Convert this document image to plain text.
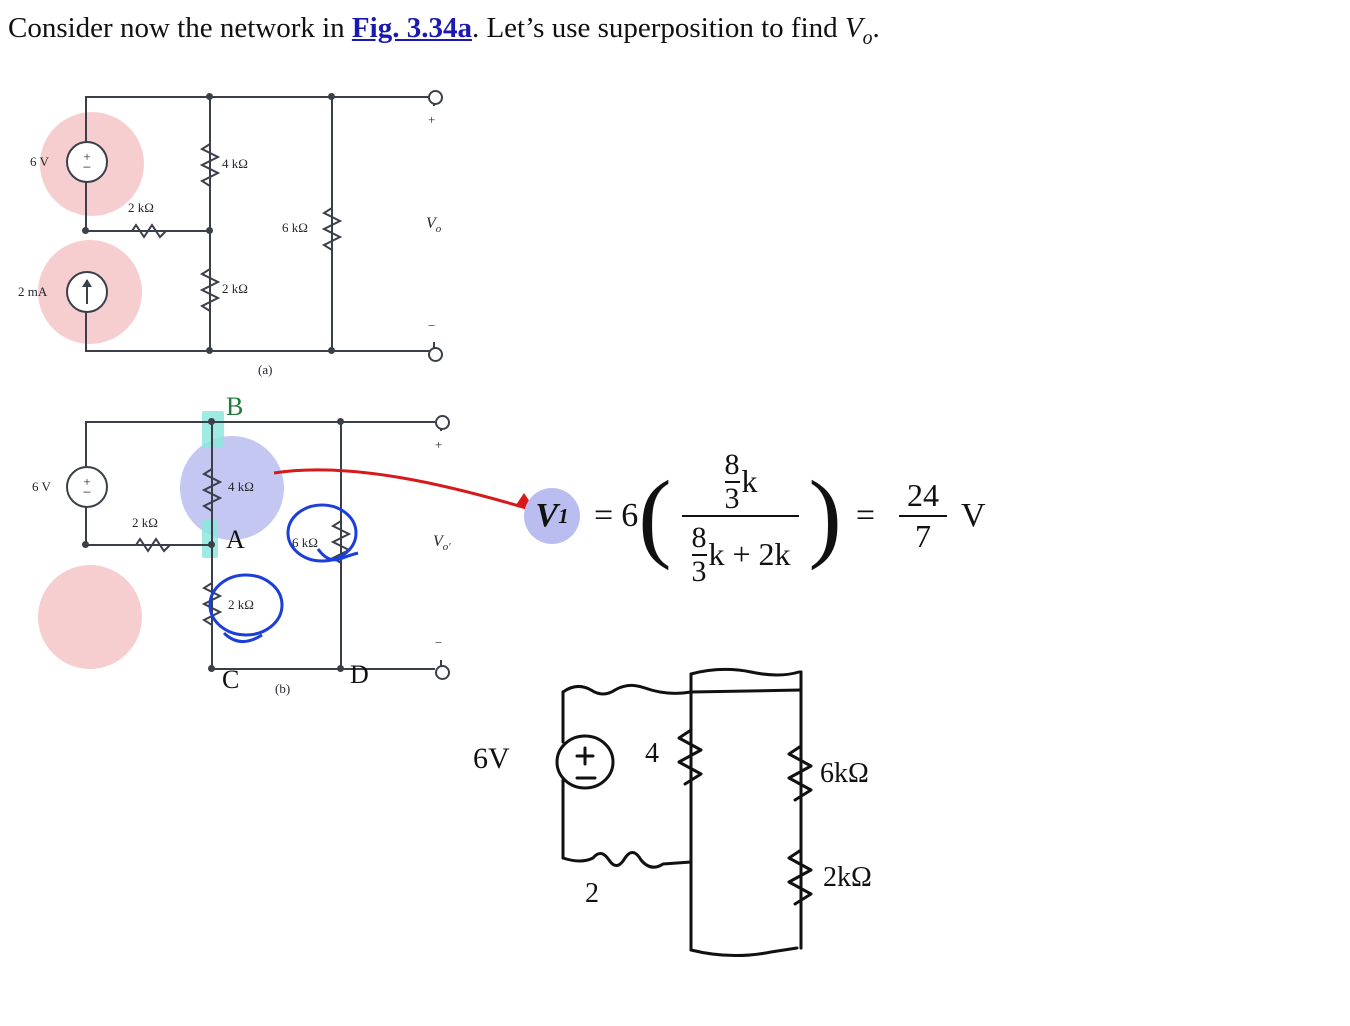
Consider now the network in Fig. 3.34a. Let’s use superposition to find $V_o$.
+
−
6 V
2 mA
4 kΩ
2 kΩ
2 kΩ
6 kΩ
+
−
$V_o$
(a)
+
−
6 V	4 kΩ
2 kΩ
2 kΩ
6 kΩ
+
−
$V_{o'}$
(b)
B
A
C	D
V 1 = 6 ( 8
3 k
8
3 k + 2k ) = $\frac{24}{7}$ V
6V	4
6kΩ
2kΩ
2
